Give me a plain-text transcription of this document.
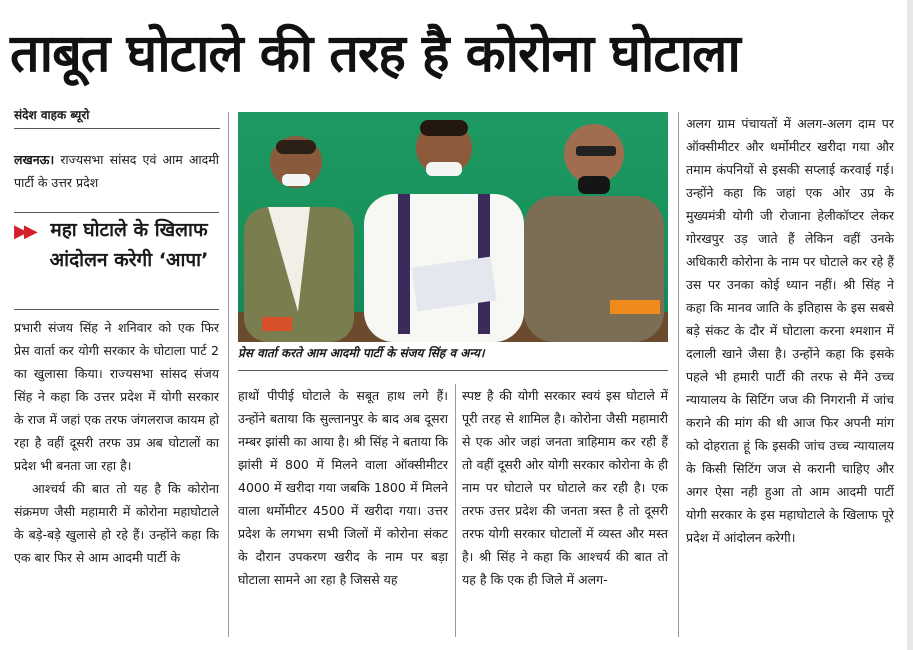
ताबूत घोटाले की तरह है कोरोना घोटाला
संदेश वाहक ब्यूरो

लखनऊ। राज्यसभा सांसद एवं आम आदमी पार्टी के उत्तर प्रदेश

▶▶ महा घोटाले के खिलाफ आंदोलन करेगी ‘आपा’

प्रभारी संजय सिंह ने शनिवार को एक फिर प्रेस वार्ता कर योगी सरकार के घोटाला पार्ट 2 का खुलासा किया। राज्यसभा सांसद संजय सिंह ने कहा कि उत्तर प्रदेश में योगी सरकार के राज में जहां एक तरफ जंगलराज कायम हो रहा है वहीं दूसरी तरफ उप्र अब घोटालों का प्रदेश भी बनता जा रहा है।

आश्चर्य की बात तो यह है कि कोरोना संक्रमण जैसी महामारी में कोरोना महाघोटाले के बड़े-बड़े खुलासे हो रहे हैं। उन्होंने कहा कि एक बार फिर से आम आदमी पार्टी के

प्रेस वार्ता करते आम आदमी पार्टी के संजय सिंह व अन्य।

हाथों पीपीई घोटाले के सबूत हाथ लगे हैं। उन्होंने बताया कि सुल्तानपुर के बाद अब दूसरा नम्बर झांसी का आया है। श्री सिंह ने बताया कि झांसी में 800 में मिलने वाला ऑक्सीमीटर 4000 में खरीदा गया जबकि 1800 में मिलने वाला थर्मोमीटर 4500 में खरीदा गया। उत्तर प्रदेश के लगभग सभी जिलों में कोरोना संकट के दौरान उपकरण खरीद के नाम पर बड़ा घोटाला सामने आ रहा है जिससे यह

स्पष्ट है की योगी सरकार स्वयं इस घोटाले में पूरी तरह से शामिल है। कोरोना जैसी महामारी से एक ओर जहां जनता त्राहिमाम कर रही हैं तो वहीं दूसरी ओर योगी सरकार कोरोना के ही नाम पर घोटाले पर घोटाले कर रही है। एक तरफ उत्तर प्रदेश की जनता त्रस्त है तो दूसरी तरफ योगी सरकार घोटालों में व्यस्त और मस्त है। श्री सिंह ने कहा कि आश्चर्य की बात तो यह है कि एक ही जिले में अलग-

अलग ग्राम पंचायतों में अलग-अलग दाम पर ऑक्सीमीटर और थर्मोमीटर खरीदा गया और तमाम कंपनियों से इसकी सप्लाई करवाई गई। उन्होंने कहा कि जहां एक ओर उप्र के मुख्यमंत्री योगी जी रोजाना हेलीकॉप्टर लेकर गोरखपुर उड़ जाते हैं लेकिन वहीं उनके अधिकारी कोरोना के नाम पर घोटाले कर रहे हैं उस पर उनका कोई ध्यान नहीं। श्री सिंह ने कहा कि मानव जाति के इतिहास के इस सबसे बड़े संकट के दौर में घोटाला करना श्मशान में दलाली खाने जैसा है। उन्होंने कहा कि इसके पहले भी हमारी पार्टी की तरफ से मैंने उच्च न्यायालय के सिटिंग जज की निगरानी में जांच कराने की मांग की थी आज फिर अपनी मांग को दोहराता हूं कि इसकी जांच उच्च न्यायालय के किसी सिटिंग जज से करानी चाहिए और अगर ऐसा नही हुआ तो आम आदमी पार्टी योगी सरकार के इस महाघोटाले के खिलाफ पूरे प्रदेश में आंदोलन करेगी।
